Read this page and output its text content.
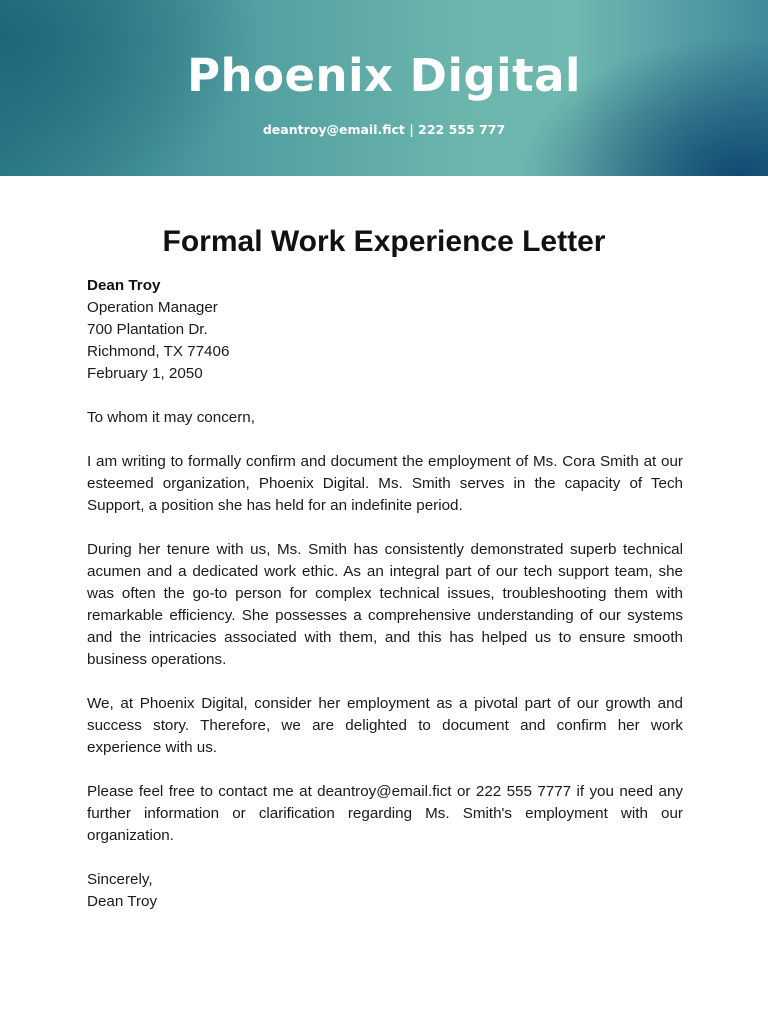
Phoenix Digital
deantroy@email.fict | 222 555 777
Formal Work Experience Letter
Dean Troy
Operation Manager
700 Plantation Dr.
Richmond, TX 77406
February 1, 2050
To whom it may concern,

I am writing to formally confirm and document the employment of Ms. Cora Smith at our esteemed organization, Phoenix Digital. Ms. Smith serves in the capacity of Tech Support, a position she has held for an indefinite period.

During her tenure with us, Ms. Smith has consistently demonstrated superb technical acumen and a dedicated work ethic. As an integral part of our tech support team, she was often the go-to person for complex technical issues, troubleshooting them with remarkable efficiency. She possesses a comprehensive understanding of our systems and the intricacies associated with them, and this has helped us to ensure smooth business operations.

We, at Phoenix Digital, consider her employment as a pivotal part of our growth and success story. Therefore, we are delighted to document and confirm her work experience with us.

Please feel free to contact me at deantroy@email.fict or 222 555 7777 if you need any further information or clarification regarding Ms. Smith's employment with our organization.

Sincerely,
Dean Troy
